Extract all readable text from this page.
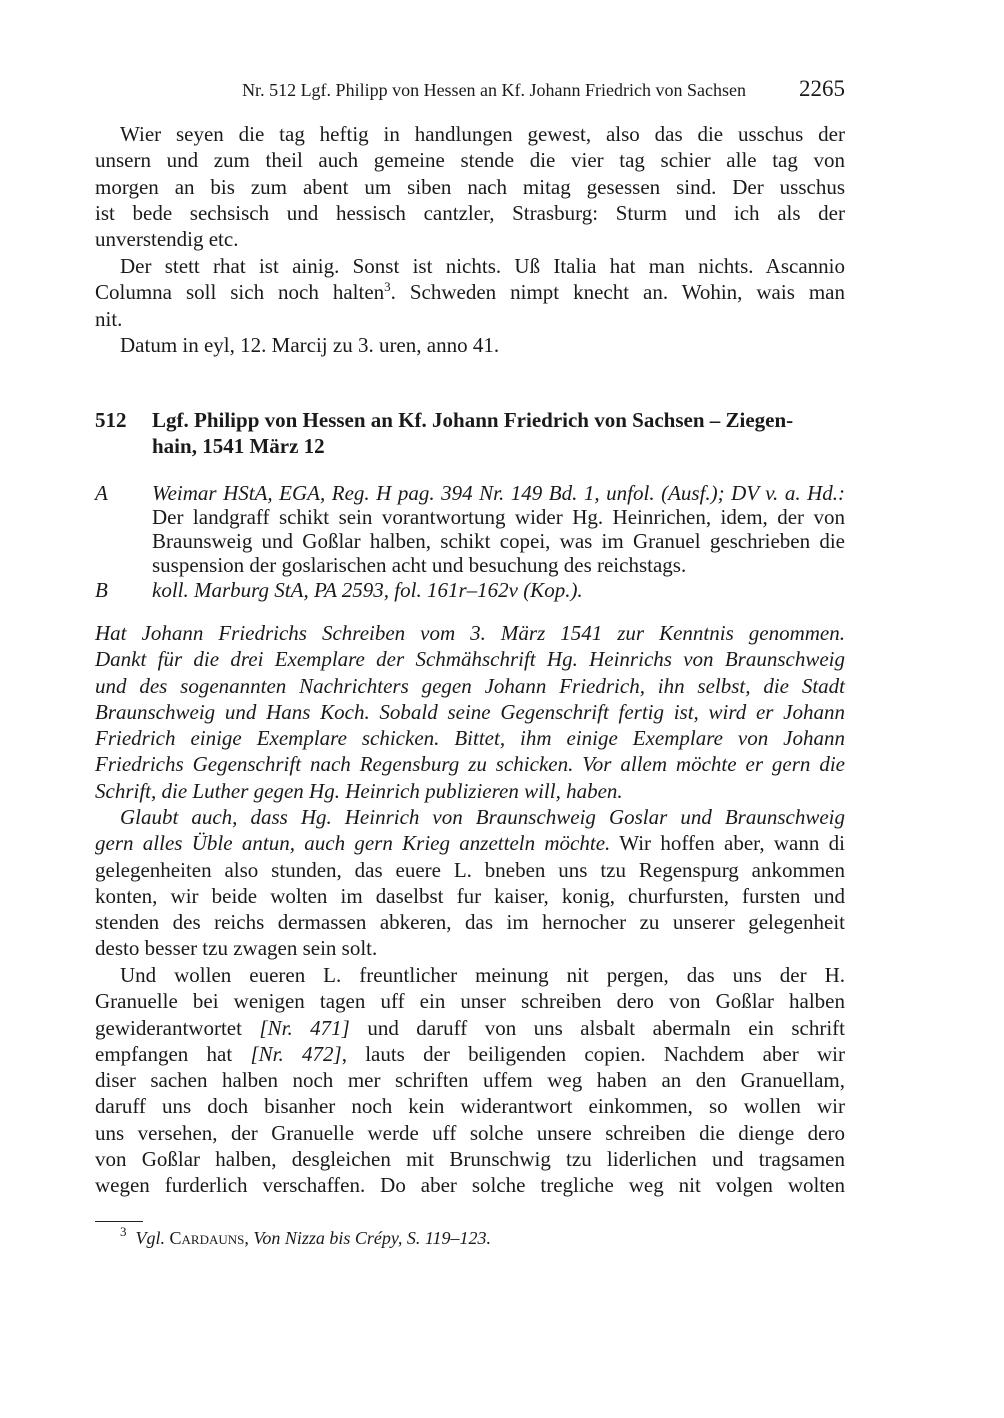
Nr. 512 Lgf. Philipp von Hessen an Kf. Johann Friedrich von Sachsen	2265
Wier seyen die tag heftig in handlungen gewest, also das die usschus der
unsern und zum theil auch gemeine stende die vier tag schier alle tag von
morgen an bis zum abent um siben nach mitag gesessen sind. Der usschus
ist bede sechsisch und hessisch cantzler, Strasburg: Sturm und ich als der
unverstendig etc.
Der stett rhat ist ainig. Sonst ist nichts. Uß Italia hat man nichts. Ascannio
Columna soll sich noch halten$^3$. Schweden nimpt knecht an. Wohin, wais man
nit.
Datum in eyl, 12. Marcij zu 3. uren, anno 41.
512 Lgf. Philipp von Hessen an Kf. Johann Friedrich von Sachsen – Ziegen-
hain, 1541 März 12
A Weimar HStA, EGA, Reg. H pag. 394 Nr. 149 Bd. 1, unfol. (Ausf.); DV v. a. Hd.:
Der landgraff schikt sein vorantwortung wider Hg. Heinrichen, idem, der von
Braunsweig und Goßlar halben, schikt copei, was im Granuel geschrieben die
suspension der goslarischen acht und besuchung des reichstags.
B koll. Marburg StA, PA 2593, fol. 161r–162v (Kop.).
Hat Johann Friedrichs Schreiben vom 3. März 1541 zur Kenntnis genommen.
Dankt für die drei Exemplare der Schmähschrift Hg. Heinrichs von Braunschweig
und des sogenannten Nachrichters gegen Johann Friedrich, ihn selbst, die Stadt
Braunschweig und Hans Koch. Sobald seine Gegenschrift fertig ist, wird er Johann
Friedrich einige Exemplare schicken. Bittet, ihm einige Exemplare von Johann
Friedrichs Gegenschrift nach Regensburg zu schicken. Vor allem möchte er gern die
Schrift, die Luther gegen Hg. Heinrich publizieren will, haben.
Glaubt auch, dass Hg. Heinrich von Braunschweig Goslar und Braunschweig
gern alles Üble antun, auch gern Krieg anzetteln möchte. Wir hoffen aber, wann di
gelegenheiten also stunden, das euere L. bneben uns tzu Regenspurg ankommen
konten, wir beide wolten im daselbst fur kaiser, konig, churfursten, fursten und
stenden des reichs dermassen abkeren, das im hernocher zu unserer gelegenheit
desto besser tzu zwagen sein solt.
Und wollen eueren L. freuntlicher meinung nit pergen, das uns der H.
Granuelle bei wenigen tagen uff ein unser schreiben dero von Goßlar halben
gewiderantwortet [Nr. 471] und daruff von uns alsbalt abermaln ein schrift
empfangen hat [Nr. 472], lauts der beiligenden copien. Nachdem aber wir
diser sachen halben noch mer schriften uffem weg haben an den Granuellam,
daruff uns doch bisanher noch kein widerantwort einkommen, so wollen wir
uns versehen, der Granuelle werde uff solche unsere schreiben die dienge dero
von Goßlar halben, desgleichen mit Brunschwig tzu liderlichen und tragsamen
wegen furderlich verschaffen. Do aber solche tregliche weg nit volgen wolten
$^3$ Vgl. Cardauns, Von Nizza bis Crépy, S. 119–123.
